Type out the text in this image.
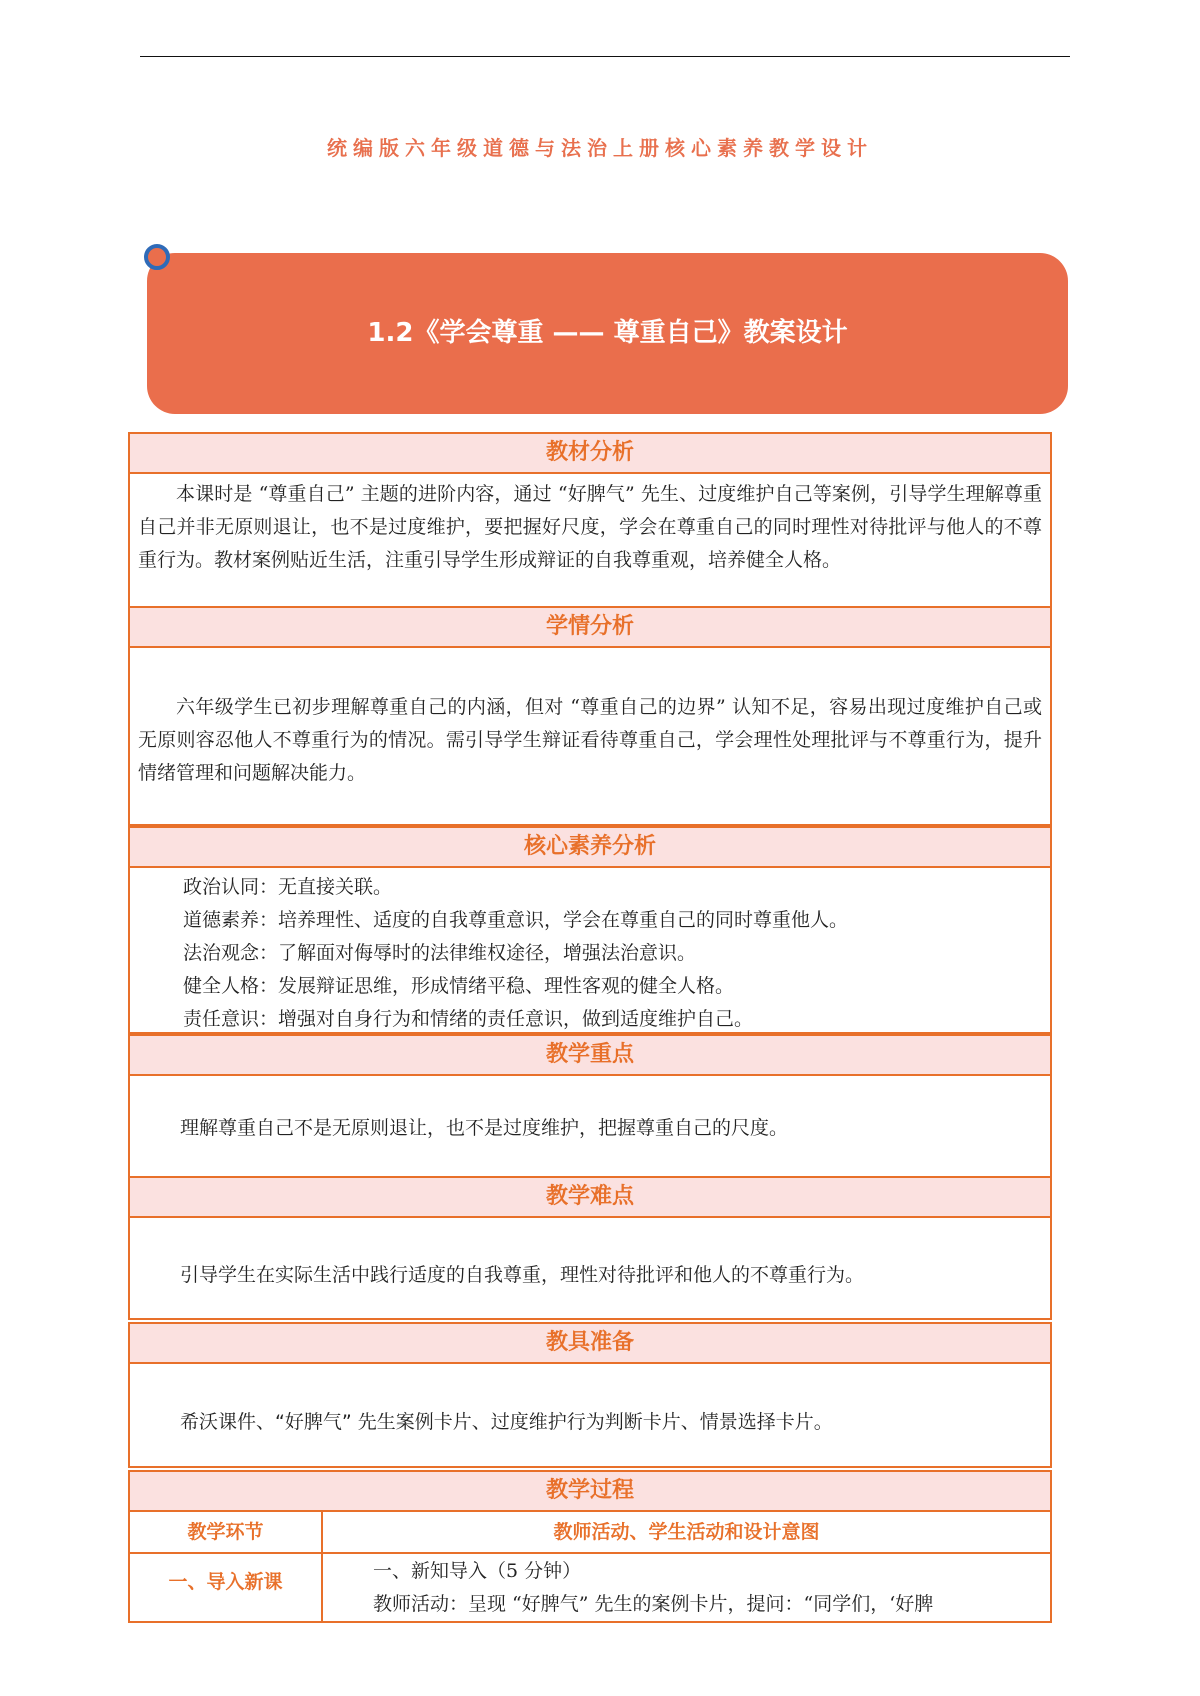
统编版六年级道德与法治上册核心素养教学设计
1.2《学会尊重 —— 尊重自己》教案设计
教材分析
本课时是 “尊重自己” 主题的进阶内容，通过 “好脾气” 先生、过度维护自己等案例，引导学生理解尊重自己并非无原则退让，也不是过度维护，要把握好尺度，学会在尊重自己的同时理性对待批评与他人的不尊重行为。教材案例贴近生活，注重引导学生形成辩证的自我尊重观，培养健全人格。
学情分析
六年级学生已初步理解尊重自己的内涵，但对 “尊重自己的边界” 认知不足，容易出现过度维护自己或无原则容忍他人不尊重行为的情况。需引导学生辩证看待尊重自己，学会理性处理批评与不尊重行为，提升情绪管理和问题解决能力。
核心素养分析
政治认同：无直接关联。
道德素养：培养理性、适度的自我尊重意识，学会在尊重自己的同时尊重他人。
法治观念：了解面对侮辱时的法律维权途径，增强法治意识。
健全人格：发展辩证思维，形成情绪平稳、理性客观的健全人格。
责任意识：增强对自身行为和情绪的责任意识，做到适度维护自己。
教学重点
理解尊重自己不是无原则退让，也不是过度维护，把握尊重自己的尺度。
教学难点
引导学生在实际生活中践行适度的自我尊重，理性对待批评和他人的不尊重行为。
教具准备
希沃课件、“好脾气” 先生案例卡片、过度维护行为判断卡片、情景选择卡片。
教学过程
教学环节	教师活动、学生活动和设计意图
一、导入新课	一、新知导入（5 分钟）
教师活动：呈现 “好脾气” 先生的案例卡片，提问：“同学们，‘好脾
